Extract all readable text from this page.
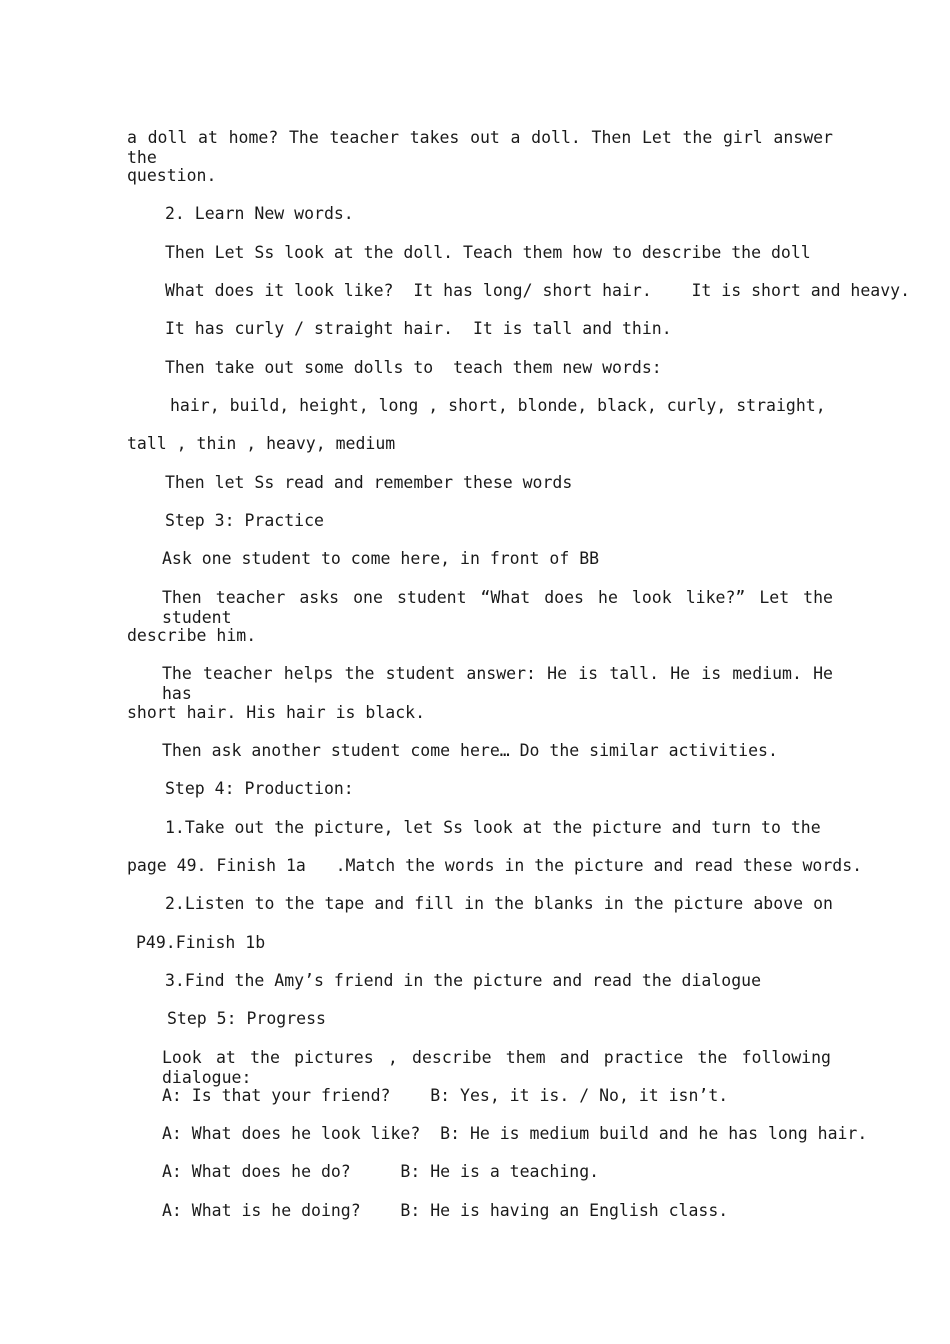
a doll at home? The teacher takes out a doll. Then Let the girl answer the
question.
2. Learn New words.
Then Let Ss look at the doll. Teach them how to describe the doll
What does it look like?  It has long/ short hair.    It is short and heavy.
It has curly / straight hair.  It is tall and thin.
Then take out some dolls to  teach them new words:
hair, build, height, long , short, blonde, black, curly, straight,
tall , thin , heavy, medium
Then let Ss read and remember these words
Step 3: Practice
Ask one student to come here, in front of BB
Then teacher asks one student “What does he look like?” Let the student
describe him.
The teacher helps the student answer: He is tall. He is medium. He has
short hair. His hair is black.
Then ask another student come here… Do the similar activities.
Step 4: Production:
1.Take out the picture, let Ss look at the picture and turn to the
page 49. Finish 1a   .Match the words in the picture and read these words.
2.Listen to the tape and fill in the blanks in the picture above on
P49.Finish 1b
3.Find the Amy’s friend in the picture and read the dialogue
Step 5: Progress
Look at the pictures , describe them and practice the following dialogue:
A: Is that your friend?    B: Yes, it is. / No, it isn’t.
A: What does he look like?  B: He is medium build and he has long hair.
A: What does he do?     B: He is a teaching.
A: What is he doing?    B: He is having an English class.
